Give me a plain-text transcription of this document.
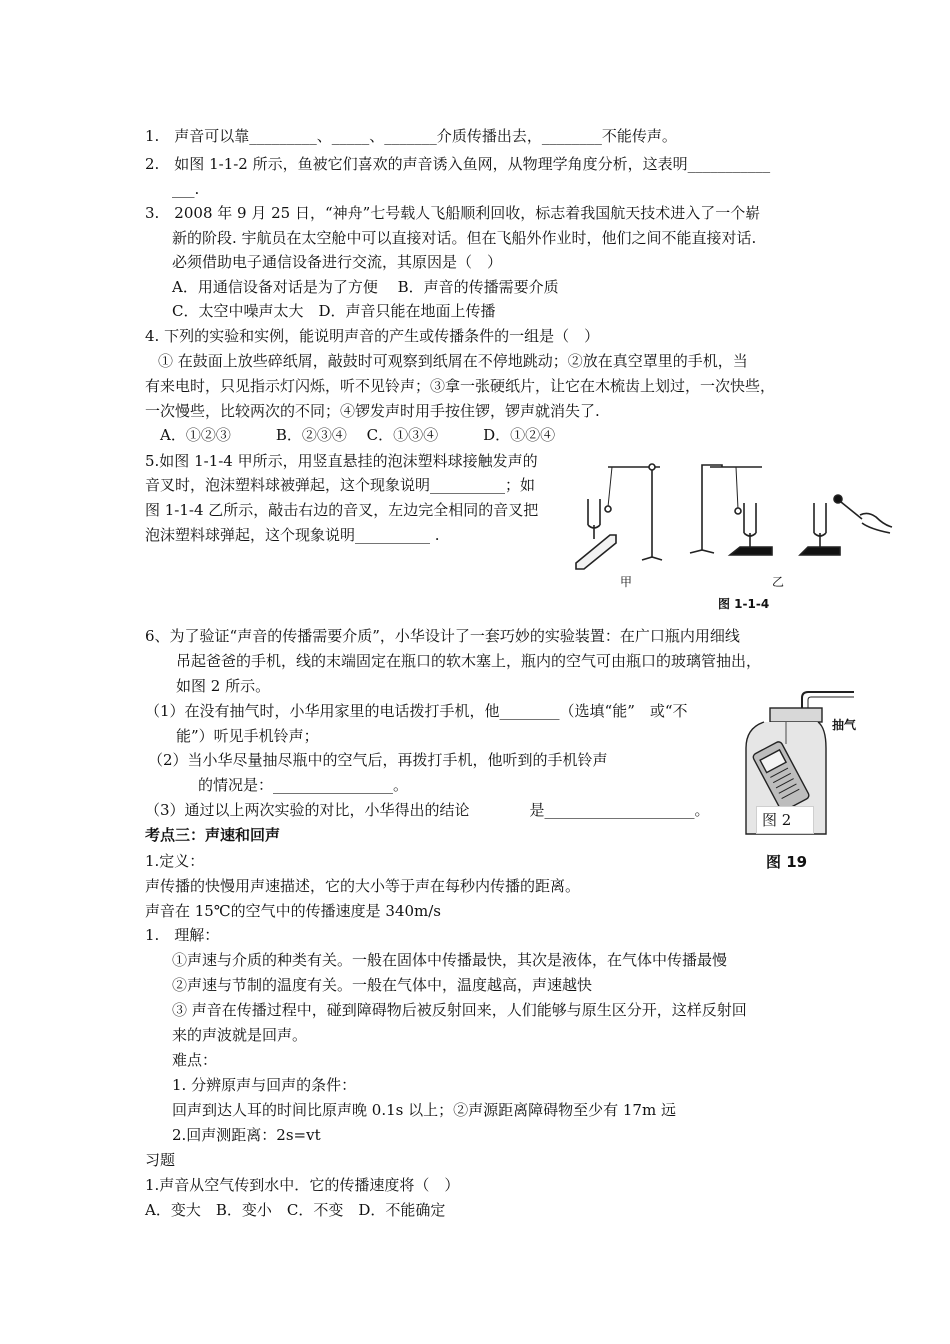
1.　声音可以靠_________、_____、_______介质传播出去，________不能传声。
2.　如图 1-1-2 所示，鱼被它们喜欢的声音诱入鱼网，从物理学角度分析，这表明___________
___.
3.　2008 年 9 月 25 日，“神舟”七号载人飞船顺利回收，标志着我国航天技术进入了一个崭
新的阶段. 宇航员在太空舱中可以直接对话。但在飞船外作业时，他们之间不能直接对话.
必须借助电子通信设备进行交流，其原因是（　）
A．用通信设备对话是为了方便　 B．声音的传播需要介质
C．太空中噪声太大　D．声音只能在地面上传播
4. 下列的实验和实例，能说明声音的产生或传播条件的一组是（　）
① 在鼓面上放些碎纸屑，敲鼓时可观察到纸屑在不停地跳动；②放在真空罩里的手机，当
有来电时，只见指示灯闪烁，听不见铃声；③拿一张硬纸片，让它在木梳齿上划过，一次快些，
一次慢些，比较两次的不同；④锣发声时用手按住锣，锣声就消失了.
A．①②③　　　B．②③④　 C．①③④　　　D．①②④
5.如图 1-1-4 甲所示，用竖直悬挂的泡沫塑料球接触发声的
音叉时，泡沫塑料球被弹起，这个现象说明__________；如
图 1-1-4 乙所示，敲击右边的音叉，左边完全相同的音叉把
泡沫塑料球弹起，这个现象说明__________ .
6、为了验证“声音的传播需要介质”，小华设计了一套巧妙的实验装置：在广口瓶内用细线
吊起爸爸的手机，线的末端固定在瓶口的软木塞上，瓶内的空气可由瓶口的玻璃管抽出，
如图 2 所示。
（1）在没有抽气时，小华用家里的电话拨打手机，他________（选填“能”　或“不
能”）听见手机铃声；
（2）当小华尽量抽尽瓶中的空气后，再拨打手机，他听到的手机铃声
的情况是：________________。
（3）通过以上两次实验的对比，小华得出的结论　　　　是____________________。
考点三：声速和回声
1.定义：
声传播的快慢用声速描述，它的大小等于声在每秒内传播的距离。
声音在 15℃的空气中的传播速度是 340m/s
1.　理解：
①声速与介质的种类有关。一般在固体中传播最快，其次是液体，在气体中传播最慢
②声速与节制的温度有关。一般在气体中，温度越高，声速越快
③ 声音在传播过程中，碰到障碍物后被反射回来，人们能够与原生区分开，这样反射回
来的声波就是回声。
难点：
1. 分辨原声与回声的条件：
回声到达人耳的时间比原声晚 0.1s 以上；②声源距离障碍物至少有 17m 远
2.回声测距离：2s=vt
习题
1.声音从空气传到水中．它的传播速度将（　）
A．变大　B．变小　C．不变　D．不能确定
甲	乙
图 1-1-4
抽气
图 2
图 19
